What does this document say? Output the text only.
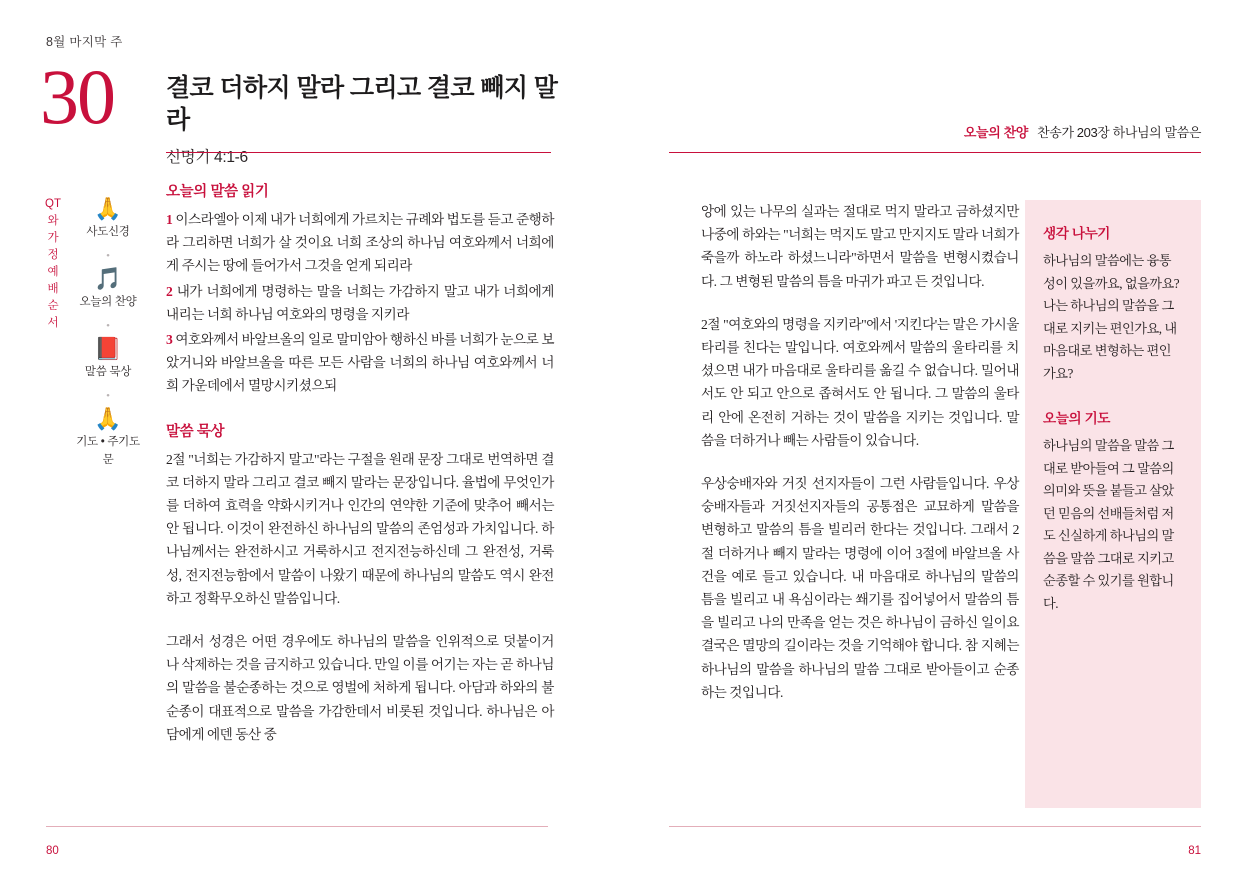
8월 마지막 주
30 결코 더하지 말라 그리고 결코 빼지 말라
신명기 4:1-6
QT와 가정예배 순서
🙏
사도신경
•
🎵
오늘의 찬양
•
📕
말씀 묵상
•
🙏
기도 • 주기도문
오늘의 말씀 읽기

1 이스라엘아 이제 내가 너희에게 가르치는 규례와 법도를 듣고 준행하라 그리하면 너희가 살 것이요 너희 조상의 하나님 여호와께서 너희에게 주시는 땅에 들어가서 그것을 얻게 되리라

2 내가 너희에게 명령하는 말을 너희는 가감하지 말고 내가 너희에게 내리는 너희 하나님 여호와의 명령을 지키라

3 여호와께서 바알브올의 일로 말미암아 행하신 바를 너희가 눈으로 보았거니와 바알브올을 따른 모든 사람을 너희의 하나님 여호와께서 너희 가운데에서 멸망시키셨으되

말씀 묵상

2절 "너희는 가감하지 말고"라는 구절을 원래 문장 그대로 번역하면 결코 더하지 말라 그리고 결코 빼지 말라는 문장입니다. 율법에 무엇인가를 더하여 효력을 약화시키거나 인간의 연약한 기준에 맞추어 빼서는 안 됩니다. 이것이 완전하신 하나님의 말씀의 존엄성과 가치입니다. 하나님께서는 완전하시고 거룩하시고 전지전능하신데 그 완전성, 거룩성, 전지전능함에서 말씀이 나왔기 때문에 하나님의 말씀도 역시 완전하고 정확무오하신 말씀입니다.

그래서 성경은 어떤 경우에도 하나님의 말씀을 인위적으로 덧붙이거나 삭제하는 것을 금지하고 있습니다. 만일 이를 어기는 자는 곧 하나님의 말씀을 불순종하는 것으로 영벌에 처하게 됩니다. 아담과 하와의 불순종이 대표적으로 말씀을 가감한데서 비롯된 것입니다. 하나님은 아담에게 에덴 동산 중

80
오늘의 찬양 찬송가 203장 하나님의 말씀은

앙에 있는 나무의 실과는 절대로 먹지 말라고 금하셨지만 나중에 하와는 "너희는 먹지도 말고 만지지도 말라 너희가 죽을까 하노라 하셨느니라"하면서 말씀을 변형시켰습니다. 그 변형된 말씀의 틈을 마귀가 파고 든 것입니다.

2절 "여호와의 명령을 지키라"에서 '지킨다'는 말은 가시울타리를 친다는 말입니다. 여호와께서 말씀의 울타리를 치셨으면 내가 마음대로 울타리를 옮길 수 없습니다. 밀어내서도 안 되고 안으로 좁혀서도 안 됩니다. 그 말씀의 울타리 안에 온전히 거하는 것이 말씀을 지키는 것입니다. 말씀을 더하거나 빼는 사람들이 있습니다.

우상숭배자와 거짓 선지자들이 그런 사람들입니다. 우상숭배자들과 거짓선지자들의 공통점은 교묘하게 말씀을 변형하고 말씀의 틈을 빌리러 한다는 것입니다. 그래서 2절 더하거나 빼지 말라는 명령에 이어 3절에 바알브올 사건을 예로 들고 있습니다. 내 마음대로 하나님의 말씀의 틈을 빌리고 내 욕심이라는 쐐기를 집어넣어서 말씀의 틈을 빌리고 나의 만족을 얻는 것은 하나님이 금하신 일이요 결국은 멸망의 길이라는 것을 기억해야 합니다. 참 지혜는 하나님의 말씀을 하나님의 말씀 그대로 받아들이고 순종하는 것입니다.

생각 나누기

하나님의 말씀에는 융통성이 있을까요, 없을까요? 나는 하나님의 말씀을 그대로 지키는 편인가요, 내 마음대로 변형하는 편인가요?

오늘의 기도

하나님의 말씀을 말씀 그대로 받아들여 그 말씀의 의미와 뜻을 붙들고 살았던 믿음의 선배들처럼 저도 신실하게 하나님의 말씀을 말씀 그대로 지키고 순종할 수 있기를 원합니다.

81
